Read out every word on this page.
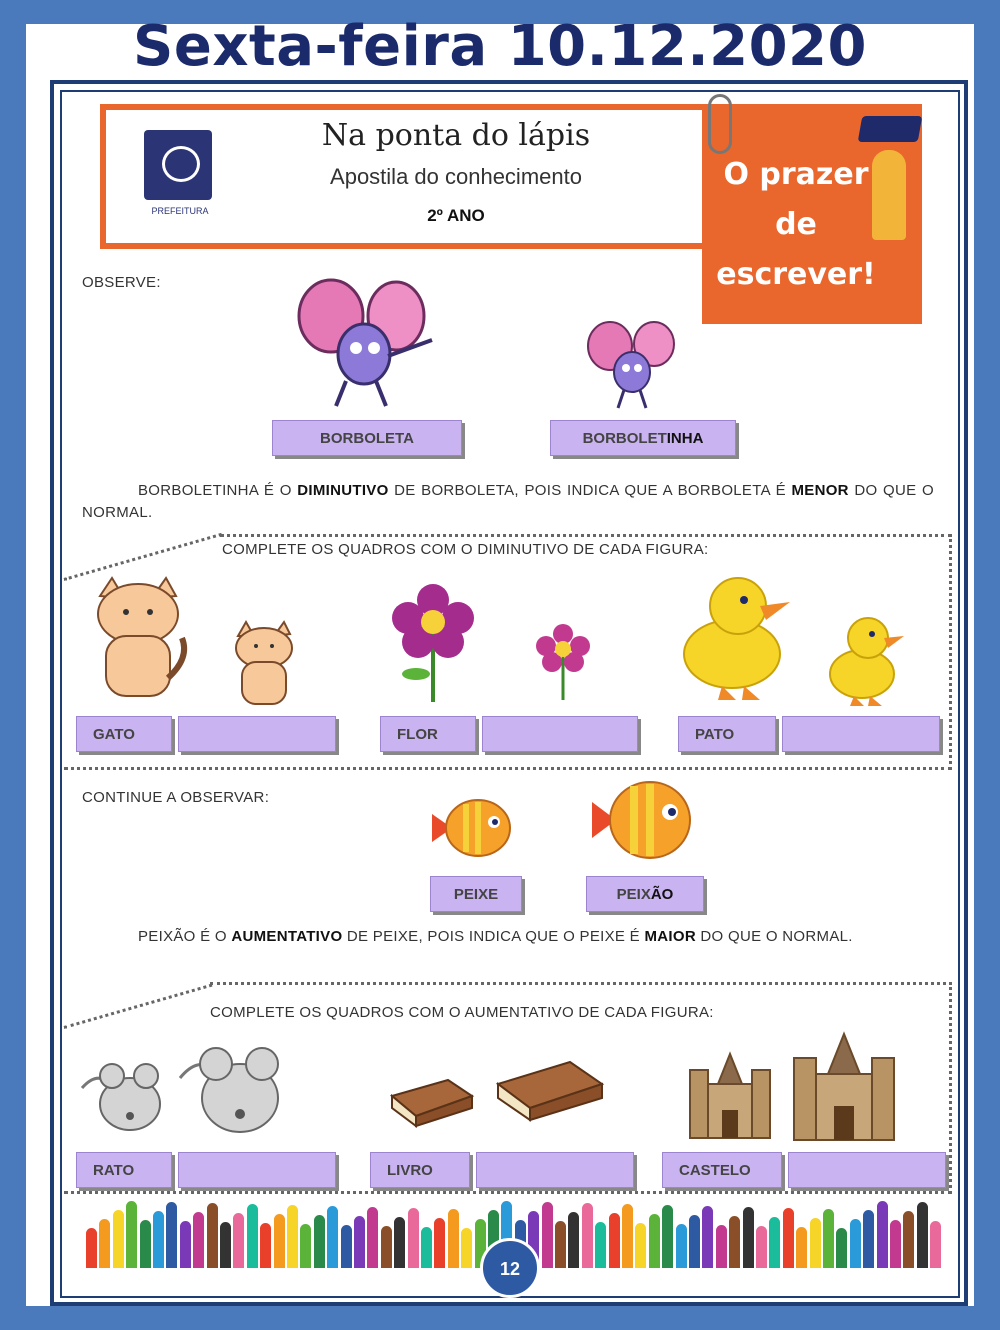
Sexta-feira 10.12.2020
PREFEITURA
Na ponta do lápis
Apostila do conhecimento
2º ANO
O prazer
de
escrever!
OBSERVE:
BORBOLETA	BORBOLETINHA
BORBOLETINHA É O DIMINUTIVO DE BORBOLETA, POIS INDICA QUE A BORBOLETA É MENOR DO QUE O NORMAL.
COMPLETE OS QUADROS COM O DIMINUTIVO DE CADA FIGURA:
GATO	FLOR	PATO
CONTINUE A OBSERVAR:
PEIXE	PEIXÃO
PEIXÃO É O AUMENTATIVO DE PEIXE, POIS INDICA QUE O PEIXE É MAIOR DO QUE O NORMAL.
COMPLETE OS QUADROS COM O AUMENTATIVO DE CADA FIGURA:
RATO	LIVRO	CASTELO
12
